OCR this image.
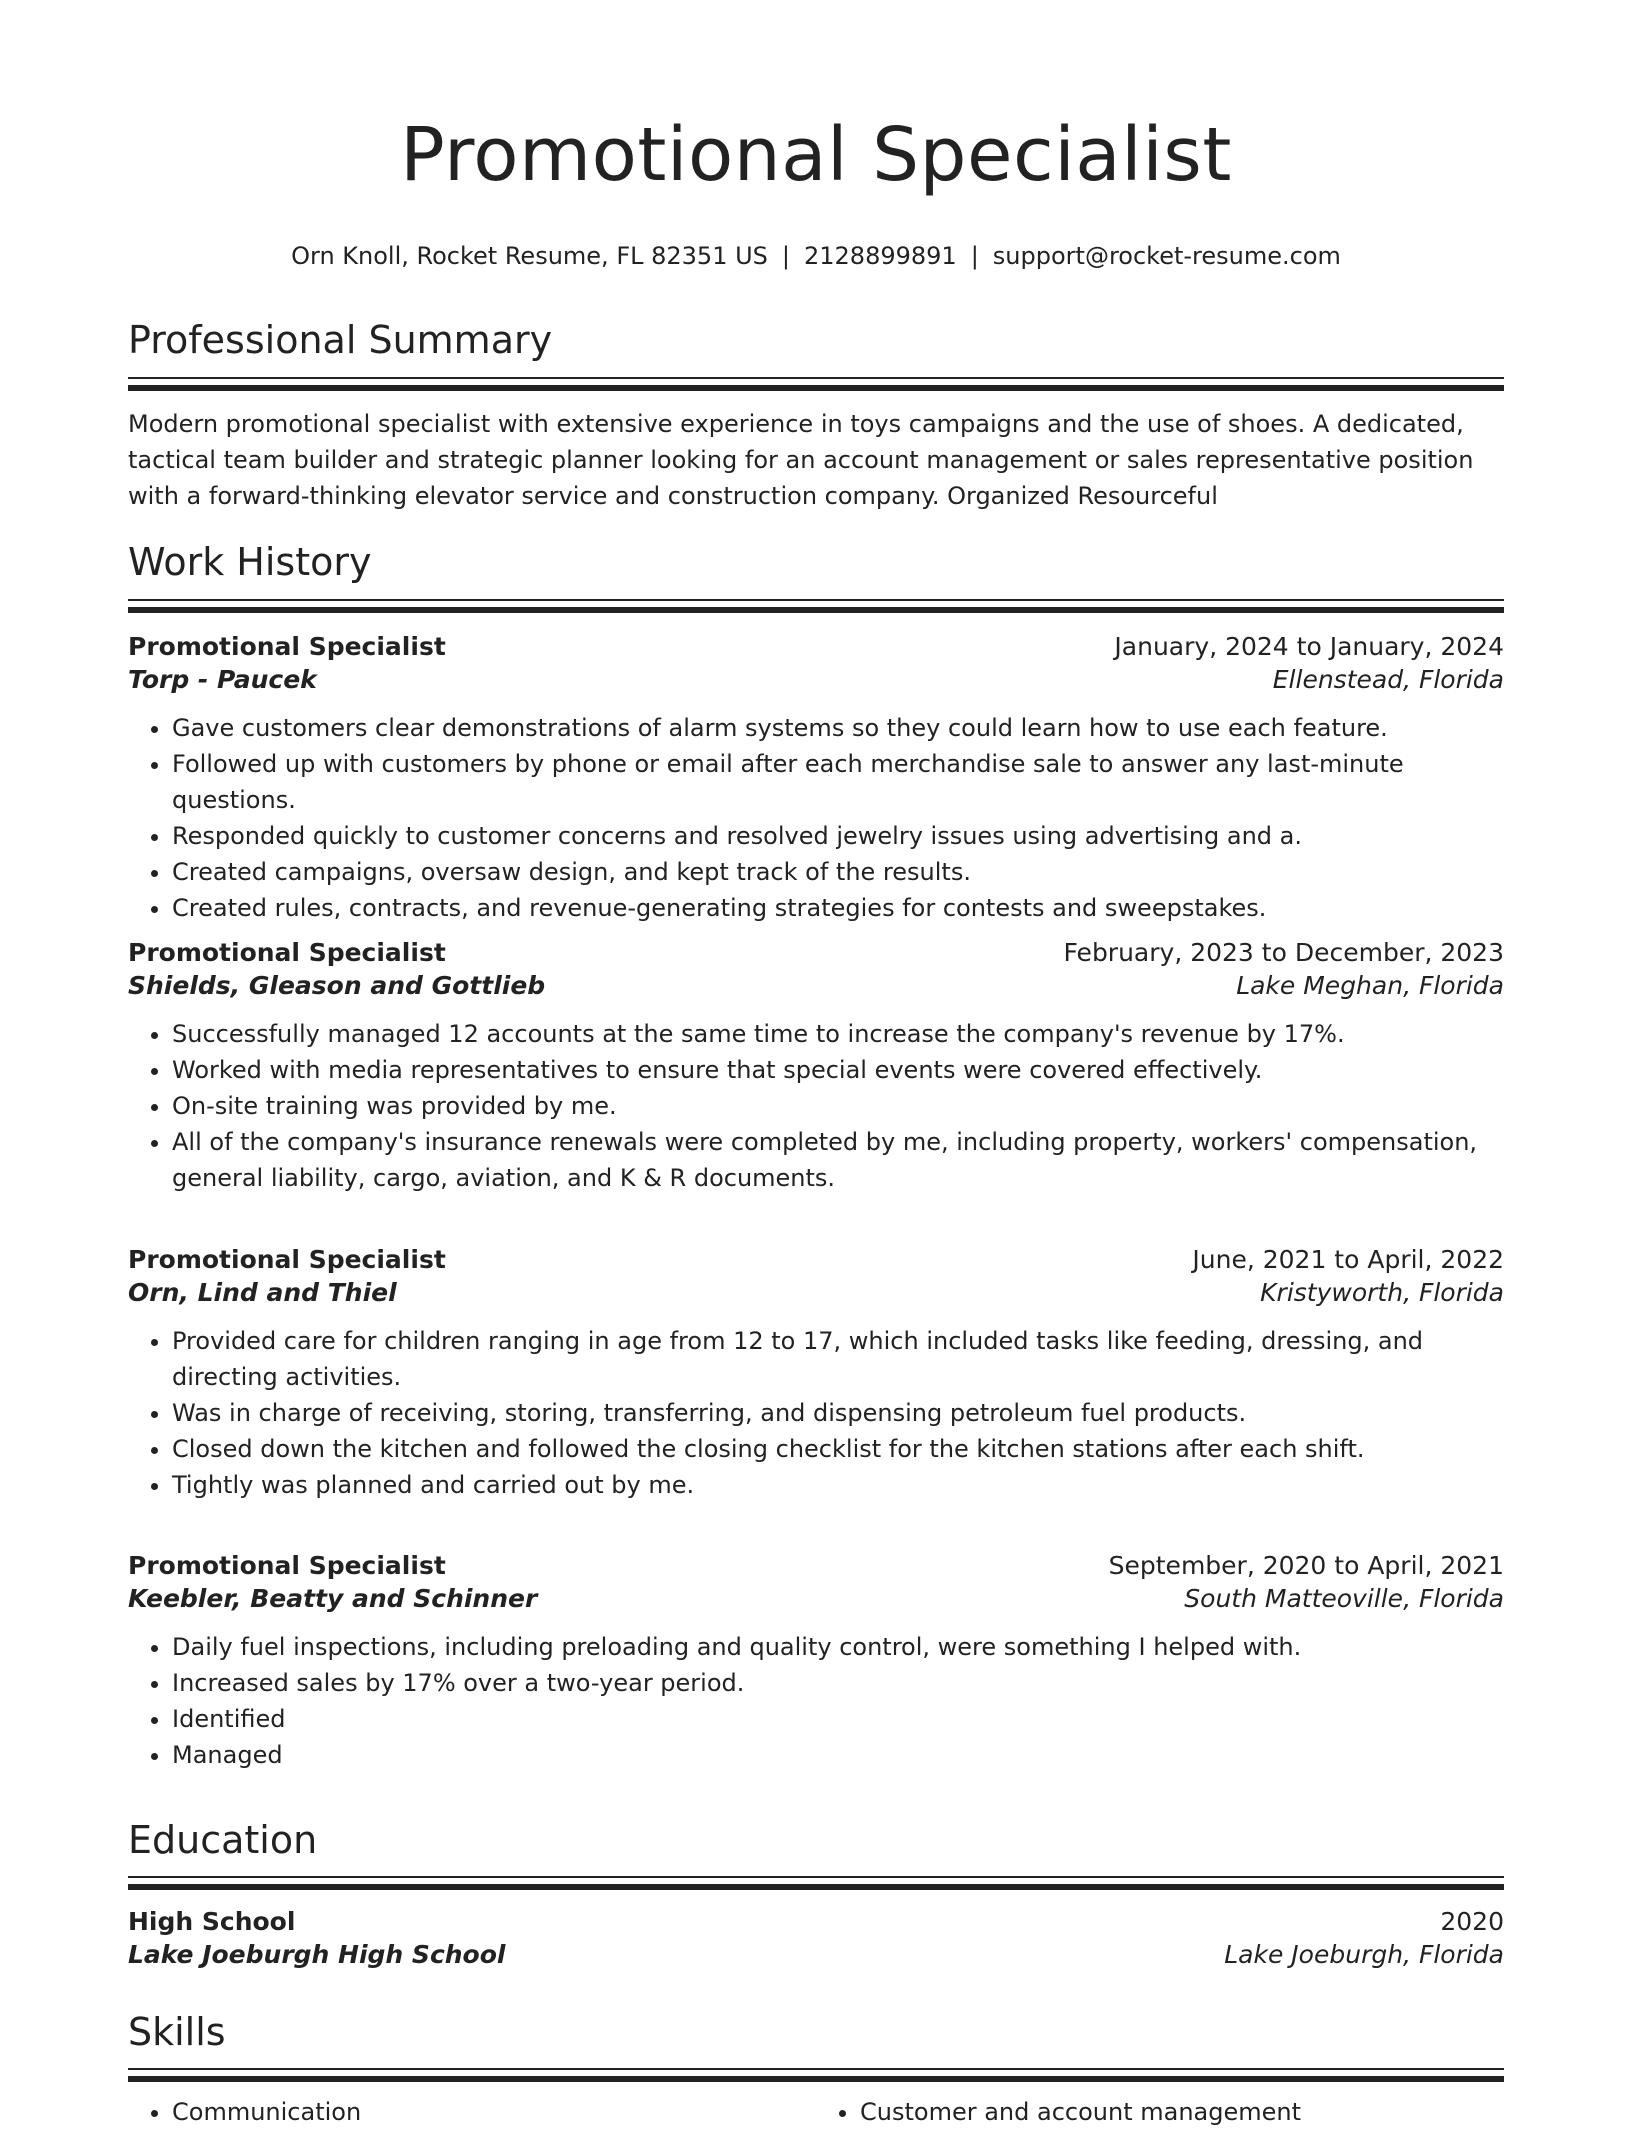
Promotional Specialist
Orn Knoll, Rocket Resume, FL 82351 US | 2128899891 | support@rocket-resume.com
Professional Summary

Modern promotional specialist with extensive experience in toys campaigns and the use of shoes. A dedicated, tactical team builder and strategic planner looking for an account management or sales representative position with a forward-thinking elevator service and construction company. Organized Resourceful

Work History
Promotional Specialist	January, 2024 to January, 2024
Torp - Paucek	Ellenstead, Florida
• Gave customers clear demonstrations of alarm systems so they could learn how to use each feature.
• Followed up with customers by phone or email after each merchandise sale to answer any last-minute questions.
• Responded quickly to customer concerns and resolved jewelry issues using advertising and a.
• Created campaigns, oversaw design, and kept track of the results.
• Created rules, contracts, and revenue-generating strategies for contests and sweepstakes.
Promotional Specialist	February, 2023 to December, 2023
Shields, Gleason and Gottlieb	Lake Meghan, Florida
• Successfully managed 12 accounts at the same time to increase the company's revenue by 17%.
• Worked with media representatives to ensure that special events were covered effectively.
• On-site training was provided by me.
• All of the company's insurance renewals were completed by me, including property, workers' compensation, general liability, cargo, aviation, and K & R documents.
Promotional Specialist	June, 2021 to April, 2022
Orn, Lind and Thiel	Kristyworth, Florida
• Provided care for children ranging in age from 12 to 17, which included tasks like feeding, dressing, and directing activities.
• Was in charge of receiving, storing, transferring, and dispensing petroleum fuel products.
• Closed down the kitchen and followed the closing checklist for the kitchen stations after each shift.
• Tightly was planned and carried out by me.
Promotional Specialist	September, 2020 to April, 2021
Keebler, Beatty and Schinner	South Matteoville, Florida
• Daily fuel inspections, including preloading and quality control, were something I helped with.
• Increased sales by 17% over a two-year period.
• Identified
• Managed
Education
High School	2020
Lake Joeburgh High School	Lake Joeburgh, Florida
Skills
• Communication
•	Customer and account management
